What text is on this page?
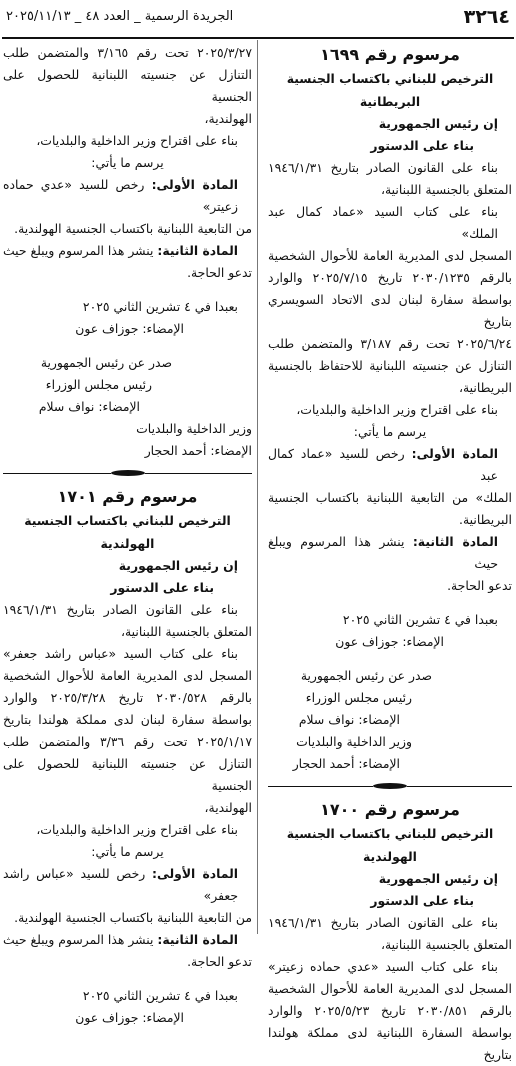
٣٢٦٤
الجريدة الرسمية _ العدد ٤٨ _ ٢٠٢٥/١١/١٣

مرسوم رقم ١٦٩٩

الترخيص للبناني باكتساب الجنسية البريطانية

إن رئيس الجمهورية

بناء على الدستور

بناء على القانون الصادر بتاريخ ١٩٤٦/١/٣١

المتعلق بالجنسية اللبنانية،

بناء على كتاب السيد «عماد كمال عبد الملك»

المسجل لدى المديرية العامة للأحوال الشخصية

بالرقم ٢٠٣٠/١٢٣٥ تاريخ ٢٠٢٥/٧/١٥ والوارد

بواسطة سفارة لبنان لدى الاتحاد السويسري بتاريخ

٢٠٢٥/٦/٢٤ تحت رقم ٣/١٨٧ والمتضمن طلب

التنازل عن جنسيته اللبنانية للاحتفاظ بالجنسية

البريطانية،

بناء على اقتراح وزير الداخلية والبلديات،

يرسم ما يأتي:

المادة الأولى: رخص للسيد «عماد كمال عبد

الملك» من التابعية اللبنانية باكتساب الجنسية

البريطانية.

المادة الثانية: ينشر هذا المرسوم ويبلغ حيث

تدعو الحاجة.

بعبدا في ٤ تشرين الثاني ٢٠٢٥

الإمضاء: جوزاف عون

صدر عن رئيس الجمهورية

رئيس مجلس الوزراء

الإمضاء: نواف سلام

وزير الداخلية والبلديات

الإمضاء: أحمد الحجار

مرسوم رقم ١٧٠٠

الترخيص للبناني باكتساب الجنسية الهولندية

إن رئيس الجمهورية

بناء على الدستور

بناء على القانون الصادر بتاريخ ١٩٤٦/١/٣١

المتعلق بالجنسية اللبنانية،

بناء على كتاب السيد «عدي حماده زعيتر»

المسجل لدى المديرية العامة للأحوال الشخصية

بالرقم ٢٠٣٠/٨٥١ تاريخ ٢٠٢٥/٥/٢٣ والوارد

بواسطة السفارة اللبنانية لدى مملكة هولندا بتاريخ

٢٠٢٥/٣/٢٧ تحت رقم ٣/١٦٥ والمتضمن طلب

التنازل عن جنسيته اللبنانية للحصول على الجنسية

الهولندية،

بناء على اقتراح وزير الداخلية والبلديات،

يرسم ما يأتي:

المادة الأولى: رخص للسيد «عدي حماده زعيتر»

من التابعية اللبنانية باكتساب الجنسية الهولندية.

المادة الثانية: ينشر هذا المرسوم ويبلغ حيث

تدعو الحاجة.

بعبدا في ٤ تشرين الثاني ٢٠٢٥

الإمضاء: جوزاف عون

صدر عن رئيس الجمهورية

رئيس مجلس الوزراء

الإمضاء: نواف سلام

وزير الداخلية والبلديات

الإمضاء: أحمد الحجار

مرسوم رقم ١٧٠١

الترخيص للبناني باكتساب الجنسية الهولندية

إن رئيس الجمهورية

بناء على الدستور

بناء على القانون الصادر بتاريخ ١٩٤٦/١/٣١

المتعلق بالجنسية اللبنانية،

بناء على كتاب السيد «عباس راشد جعفر»

المسجل لدى المديرية العامة للأحوال الشخصية

بالرقم ٢٠٣٠/٥٢٨ تاريخ ٢٠٢٥/٣/٢٨ والوارد

بواسطة سفارة لبنان لدى مملكة هولندا بتاريخ

٢٠٢٥/١/١٧ تحت رقم ٣/٣٦ والمتضمن طلب

التنازل عن جنسيته اللبنانية للحصول على الجنسية

الهولندية،

بناء على اقتراح وزير الداخلية والبلديات،

يرسم ما يأتي:

المادة الأولى: رخص للسيد «عباس راشد جعفر»

من التابعية اللبنانية باكتساب الجنسية الهولندية.

المادة الثانية: ينشر هذا المرسوم ويبلغ حيث

تدعو الحاجة.

بعبدا في ٤ تشرين الثاني ٢٠٢٥

الإمضاء: جوزاف عون
